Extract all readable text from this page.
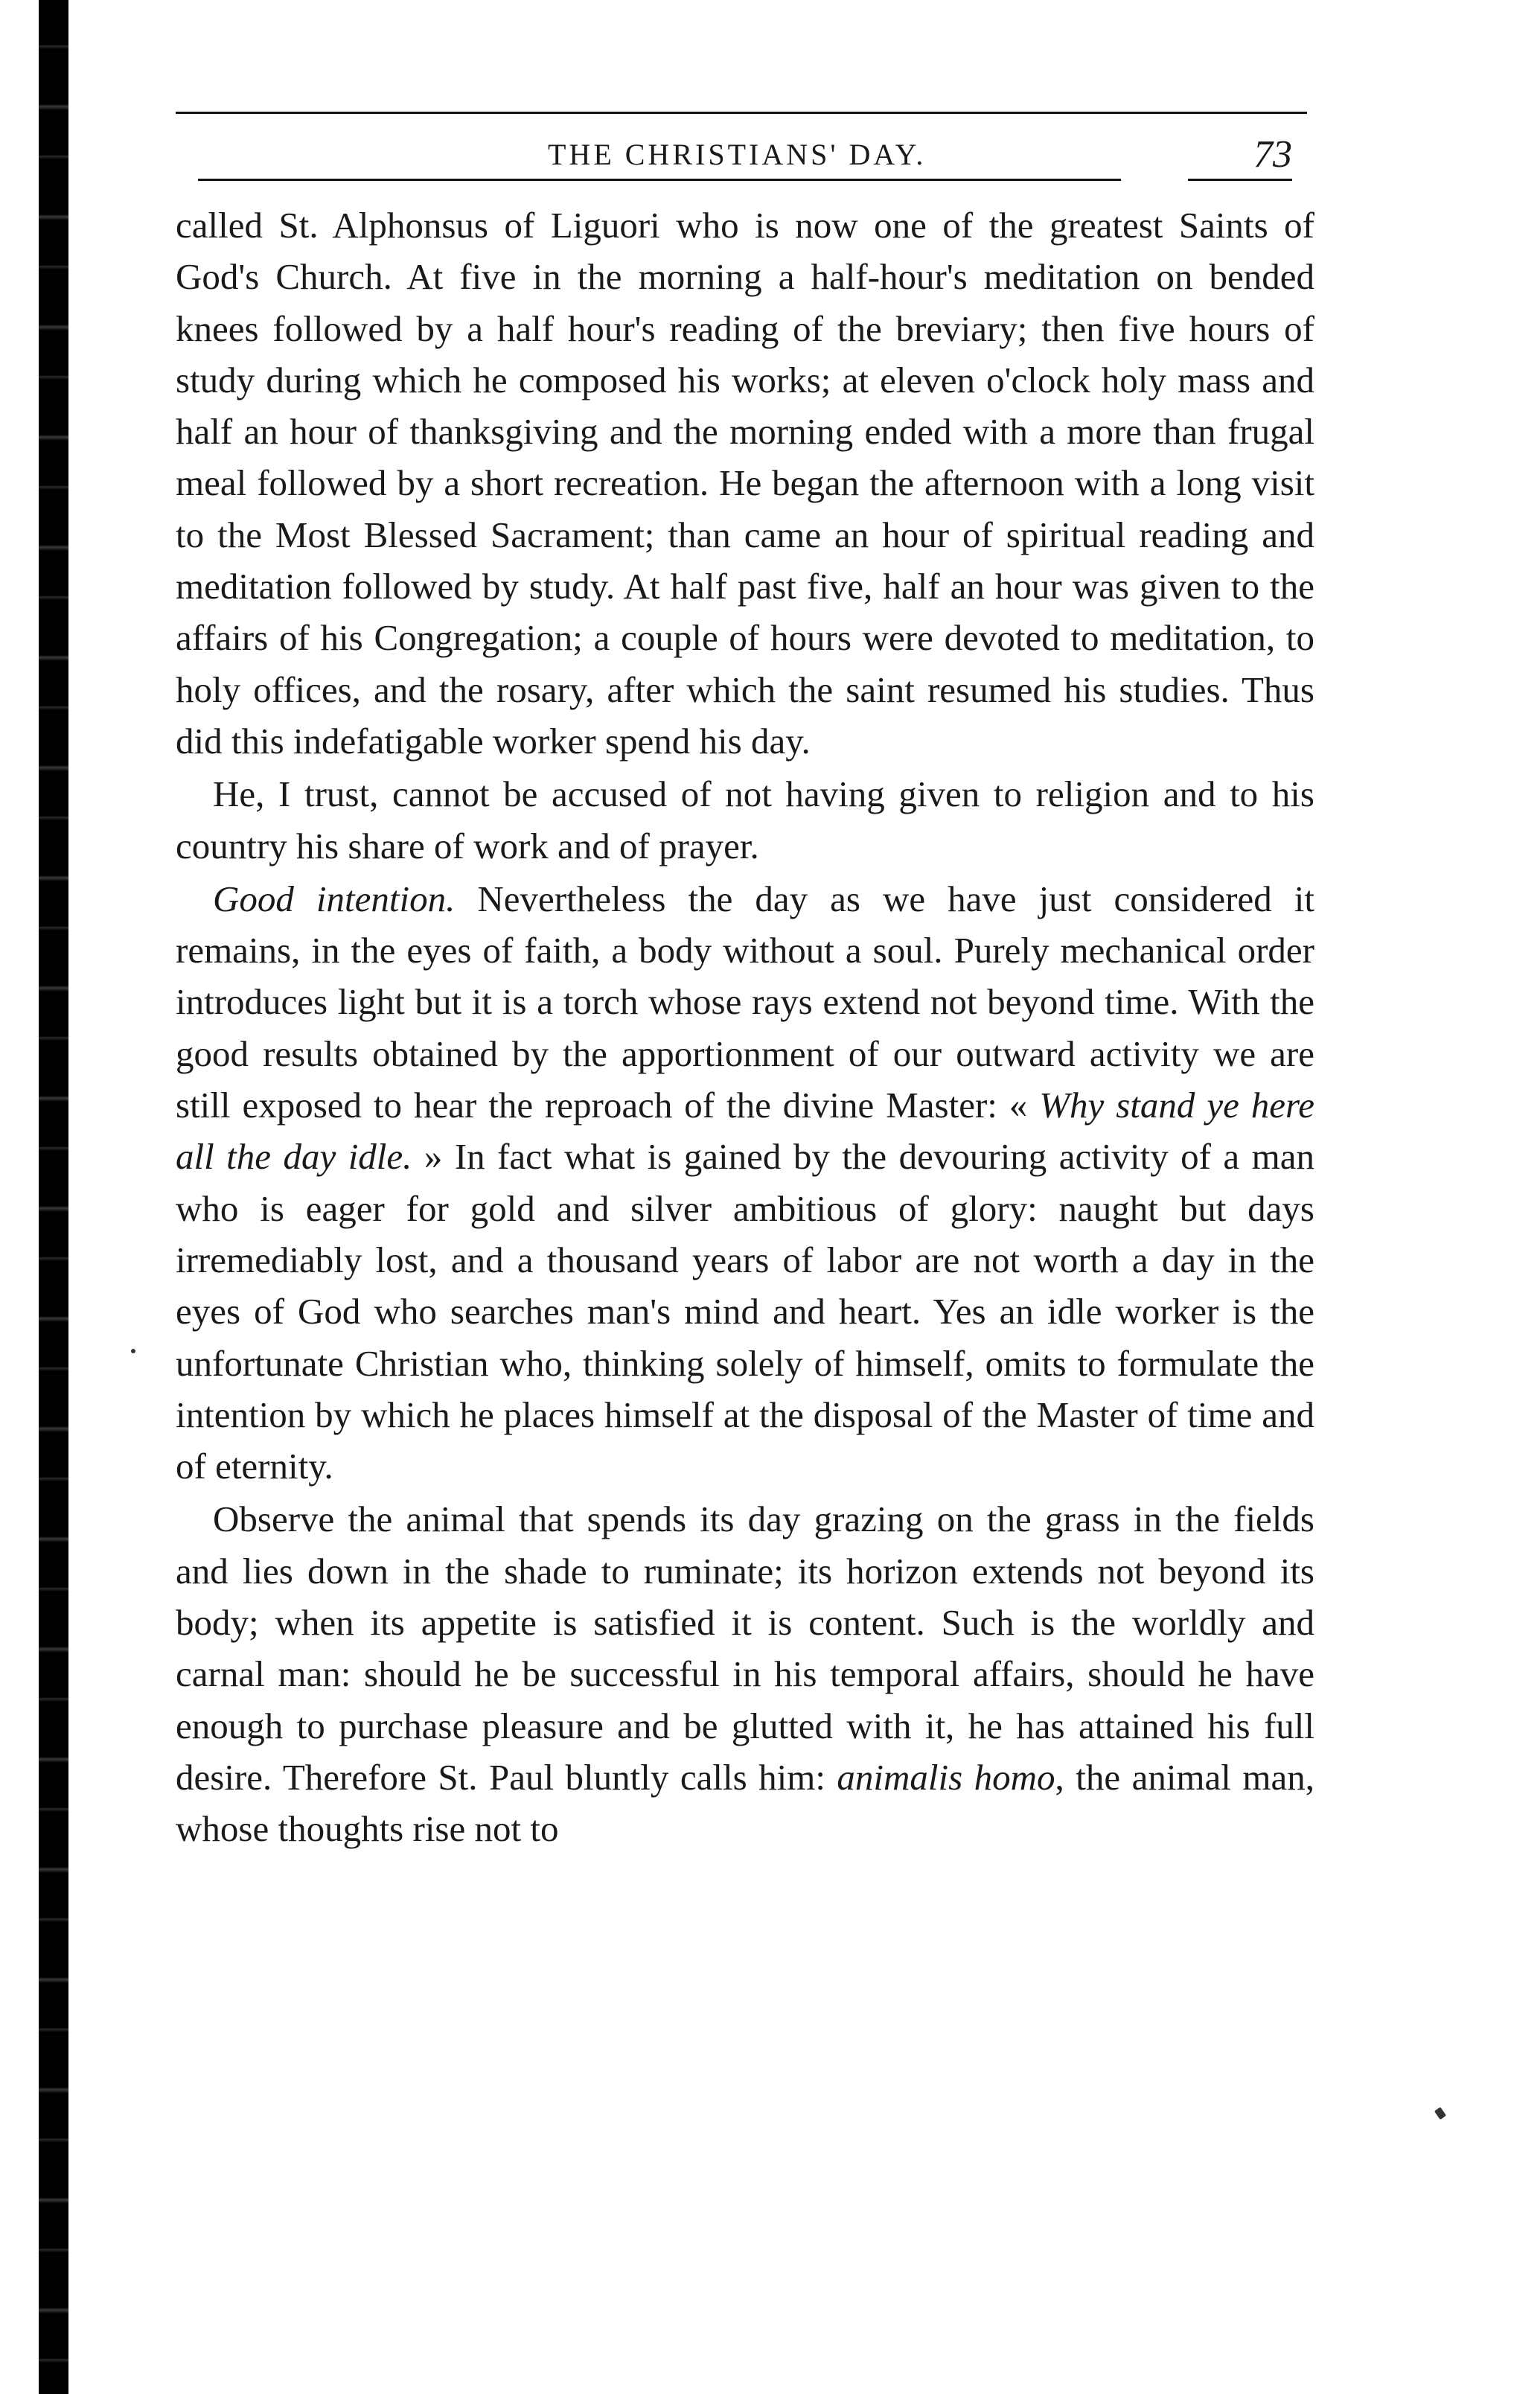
THE CHRISTIANS' DAY.	73

called St. Alphonsus of Liguori who is now one of the greatest Saints of God's Church. At five in the morning a half-hour's meditation on bended knees followed by a half hour's reading of the breviary; then five hours of study during which he composed his works; at eleven o'clock holy mass and half an hour of thanksgiving and the morning ended with a more than frugal meal followed by a short recreation. He began the afternoon with a long visit to the Most Blessed Sacrament; than came an hour of spiritual reading and meditation followed by study. At half past five, half an hour was given to the affairs of his Congregation; a couple of hours were devoted to meditation, to holy offices, and the rosary, after which the saint resumed his studies. Thus did this indefatigable worker spend his day.

He, I trust, cannot be accused of not having given to religion and to his country his share of work and of prayer.

Good intention. Nevertheless the day as we have just considered it remains, in the eyes of faith, a body without a soul. Purely mechanical order introduces light but it is a torch whose rays extend not beyond time. With the good results obtained by the apportionment of our outward activity we are still exposed to hear the reproach of the divine Master: « Why stand ye here all the day idle. » In fact what is gained by the devouring activity of a man who is eager for gold and silver ambitious of glory: naught but days irremediably lost, and a thousand years of labor are not worth a day in the eyes of God who searches man's mind and heart. Yes an idle worker is the unfortunate Christian who, thinking solely of himself, omits to formulate the intention by which he places himself at the disposal of the Master of time and of eternity.

Observe the animal that spends its day grazing on the grass in the fields and lies down in the shade to ruminate; its horizon extends not beyond its body; when its appetite is satisfied it is content. Such is the worldly and carnal man: should he be successful in his temporal affairs, should he have enough to purchase pleasure and be glutted with it, he has attained his full desire. Therefore St. Paul bluntly calls him: animalis homo, the animal man, whose thoughts rise not to
